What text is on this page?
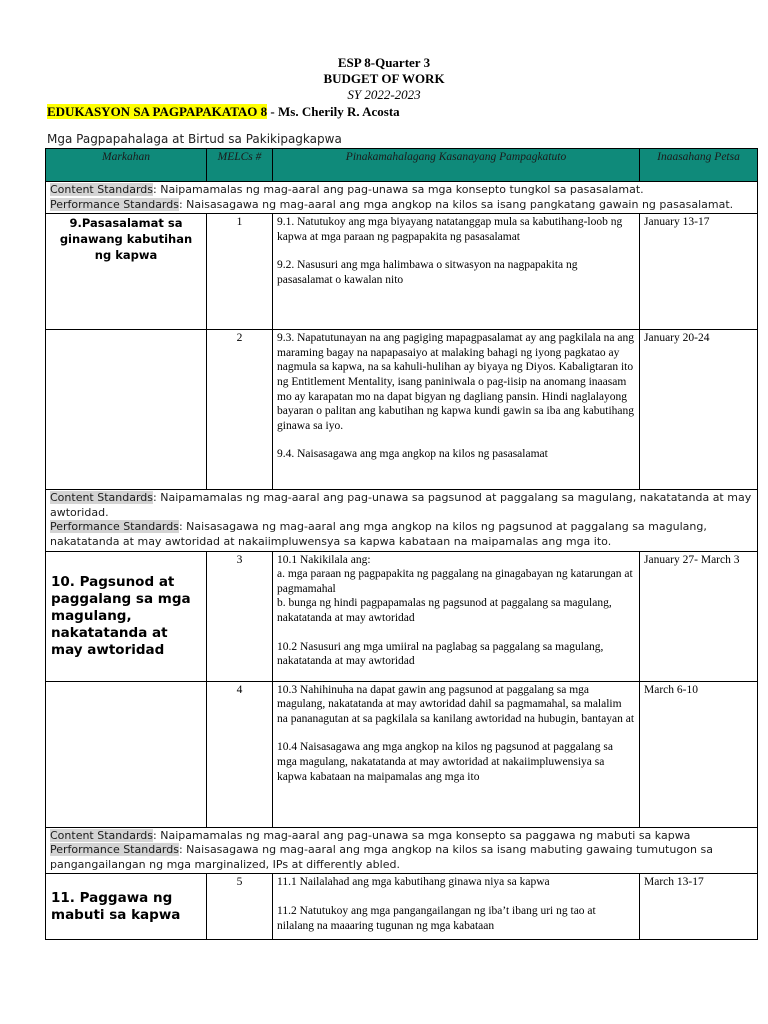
ESP 8-Quarter 3
BUDGET OF WORK
SY 2022-2023
EDUKASYON SA PAGPAPAKATAO 8 - Ms. Cherily R. Acosta
Mga Pagpapahalaga at Birtud sa Pakikipagkapwa
Markahan	MELCs #	Pinakamahalagang Kasanayang Pampagkatuto	Inaasahang Petsa

Content Standards: Naipamamalas ng mag-aaral ang pag-unawa sa mga konsepto tungkol sa pasasalamat.
Performance Standards: Naisasagawa ng mag-aaral ang mga angkop na kilos sa isang pangkatang gawain ng pasasalamat.			

9.Pasasalamat sa ginawang kabutihan ng kapwa	1	9.1. Natutukoy ang mga biyayang natatanggap mula sa kabutihang-loob ng kapwa at mga paraan ng pagpapakita ng pasasalamat

9.2. Nasusuri ang mga halimbawa o sitwasyon na nagpapakita ng pasasalamat o kawalan nito	January 13-17
	2	9.3. Napatutunayan na ang pagiging mapagpasalamat ay ang pagkilala na ang maraming bagay na napapasaiyo at malaking bahagi ng iyong pagkatao ay nagmula sa kapwa, na sa kahuli-hulihan ay biyaya ng Diyos. Kabaligtaran ito ng Entitlement Mentality, isang paniniwala o pag-iisip na anomang inaasam mo ay karapatan mo na dapat bigyan ng dagliang pansin. Hindi naglalayong bayaran o palitan ang kabutihan ng kapwa kundi gawin sa iba ang kabutihang ginawa sa iyo.

9.4. Naisasagawa ang mga angkop na kilos ng pasasalamat	January 20-24

Content Standards: Naipamamalas ng mag-aaral ang pag-unawa sa pagsunod at paggalang sa magulang, nakatatanda at may awtoridad.
Performance Standards: Naisasagawa ng mag-aaral ang mga angkop na kilos ng pagsunod at paggalang sa magulang, nakatatanda at may awtoridad at nakaiimpluwensya sa kapwa kabataan na maipamalas ang mga ito.			

10. Pagsunod at paggalang sa mga magulang, nakatatanda at may awtoridad	3	10.1 Nakikilala ang:

a. mga paraan ng pagpapakita ng paggalang na ginagabayan ng katarungan at pagmamahal

b. bunga ng hindi pagpapamalas ng pagsunod at paggalang sa magulang, nakatatanda at may awtoridad

10.2 Nasusuri ang mga umiiral na paglabag sa paggalang sa magulang, nakatatanda at may awtoridad	January 27- March 3
	4	10.3 Nahihinuha na dapat gawin ang pagsunod at paggalang sa mga magulang, nakatatanda at may awtoridad dahil sa pagmamahal, sa malalim na pananagutan at sa pagkilala sa kanilang awtoridad na hubugin, bantayan at

10.4 Naisasagawa ang mga angkop na kilos ng pagsunod at paggalang sa mga magulang, nakatatanda at may awtoridad at nakaiimpluwensiya sa kapwa kabataan na maipamalas ang mga ito	March 6-10

Content Standards: Naipamamalas ng mag-aaral ang pag-unawa sa mga konsepto sa paggawa ng mabuti sa kapwa
Performance Standards: Naisasagawa ng mag-aaral ang mga angkop na kilos sa isang mabuting gawaing tumutugon sa pangangailangan ng mga marginalized, IPs at differently abled.			

11. Paggawa ng mabuti sa kapwa	5	11.1 Nailalahad ang mga kabutihang ginawa niya sa kapwa

11.2 Natutukoy ang mga pangangailangan ng iba’t ibang uri ng tao at nilalang na maaaring tugunan ng mga kabataan	March 13-17
